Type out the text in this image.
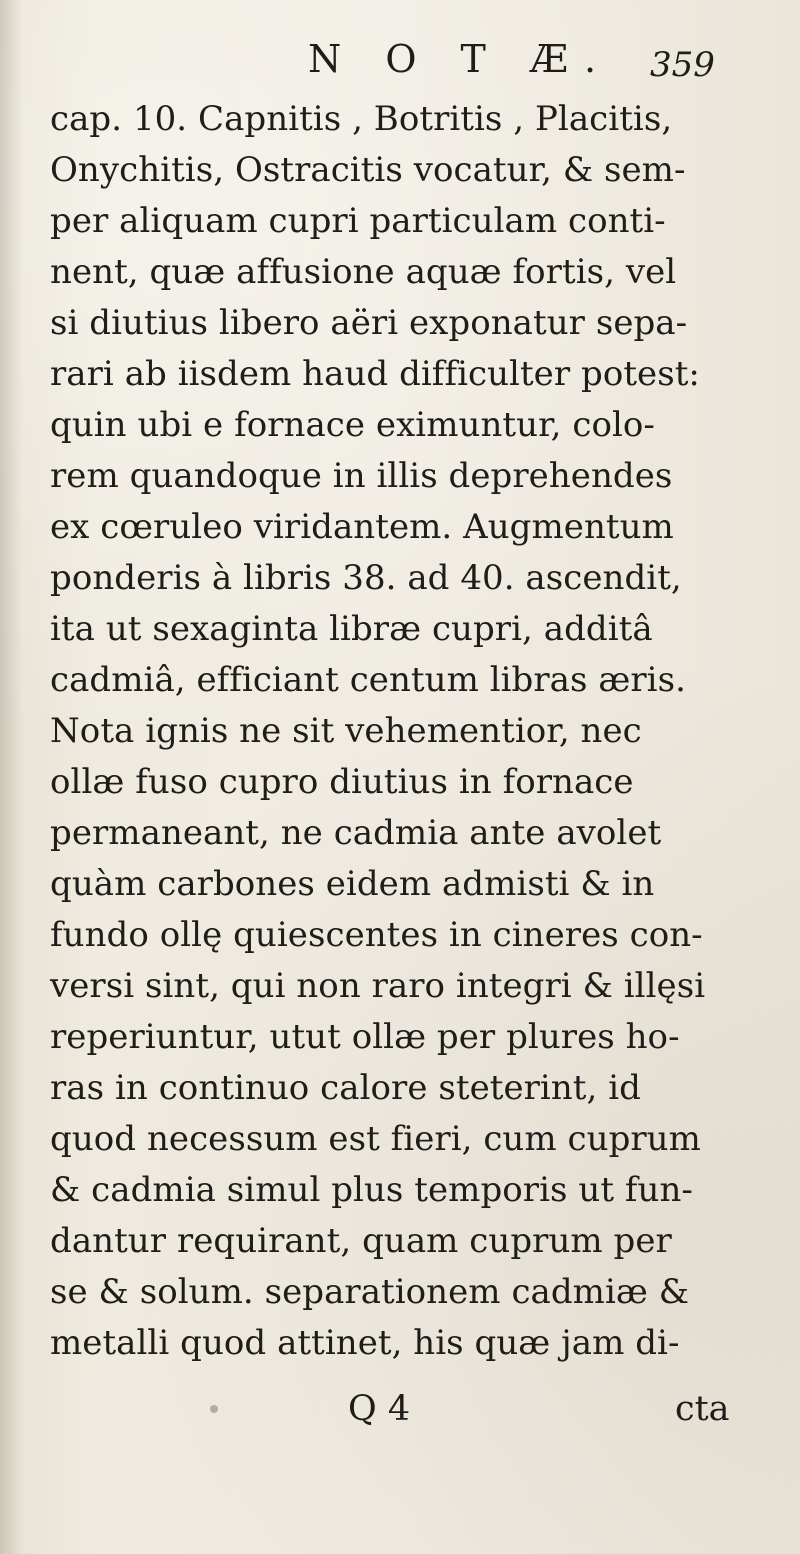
N O T Æ. 359
cap. 10. Capnitis , Botritis , Placitis,
Onychitis, Ostracitis vocatur, & sem-
per aliquam cupri particulam conti-
nent, quæ affusione aquæ fortis, vel
si diutius libero aëri exponatur sepa-
rari ab iisdem haud difficulter potest:
quin ubi e fornace eximuntur, colo-
rem quandoque in illis deprehendes
ex cœruleo viridantem. Augmentum
ponderis à libris 38. ad 40. ascendit,
ita ut sexaginta libræ cupri, additâ
cadmiâ, efficiant centum libras æris.
Nota ignis ne sit vehementior, nec
ollæ fuso cupro diutius in fornace
permaneant, ne cadmia ante avolet
quàm carbones eidem admisti & in
fundo ollę quiescentes in cineres con-
versi sint, qui non raro integri & illęsi
reperiuntur, utut ollæ per plures ho-
ras in continuo calore steterint, id
quod necessum est fieri, cum cuprum
& cadmia simul plus temporis ut fun-
dantur requirant, quam cuprum per
se & solum. separationem cadmiæ &
metalli quod attinet, his quæ jam di-
Q 4	cta
